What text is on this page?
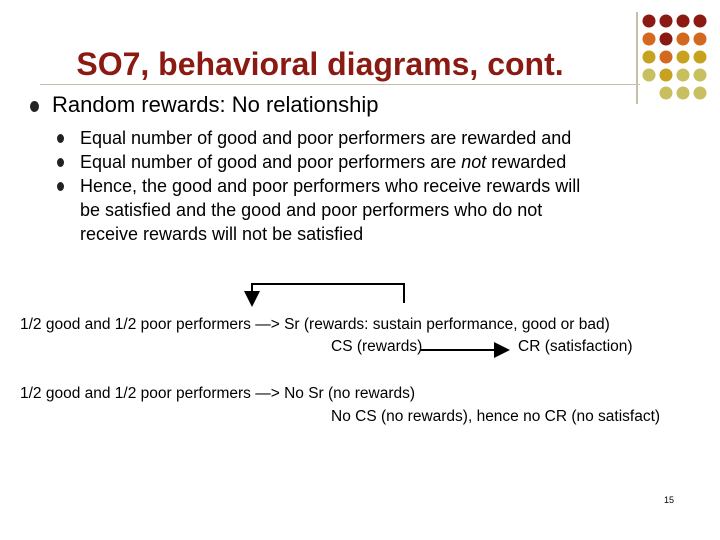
SO7, behavioral diagrams, cont.
Random rewards: No relationship
Equal number of good and poor performers are rewarded and
Equal number of good and poor performers are not rewarded
Hence, the good and poor performers who receive rewards will
be satisfied and the good and poor performers who do not
receive rewards will not be satisfied
1/2 good and 1/2 poor performers —> Sr (rewards: sustain performance, good or bad)
CS (rewards)	CR (satisfaction)
1/2 good and 1/2 poor performers —> No Sr (no rewards)
No CS (no rewards), hence no CR (no satisfact)
15
